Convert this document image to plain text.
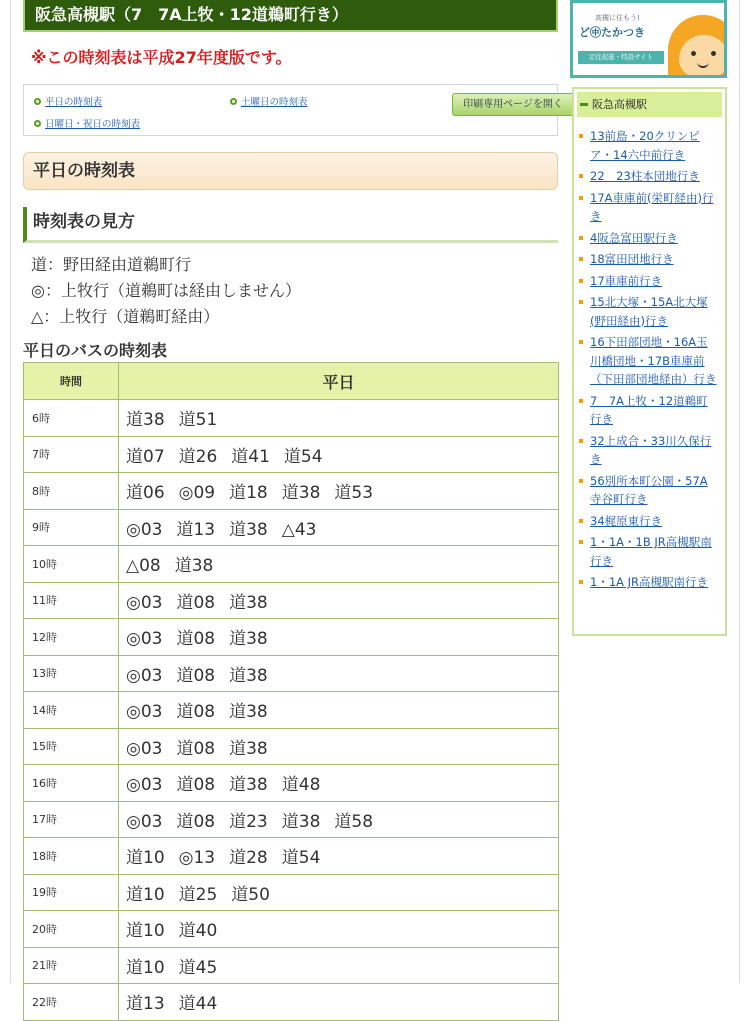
阪急高槻駅（7　7A上牧・12道鵜町行き）
※この時刻表は平成27年度版です。
平日の時刻表	土曜日の時刻表
日曜日・祝日の時刻表
印刷専用ページを開く
平日の時刻表
時刻表の見方
道：野田経由道鵜町行
◎：上牧行（道鵜町は経由しません）
△：上牧行（道鵜町経由）
平日のバスの時刻表
時間	平日
6時	道38 道51
7時	道07 道26 道41 道54
8時	道06 ◎09 道18 道38 道53
9時	◎03 道13 道38 △43
10時	△08 道38
11時	◎03 道08 道38
12時	◎03 道08 道38
13時	◎03 道08 道38
14時	◎03 道08 道38
15時	◎03 道08 道38
16時	◎03 道08 道38 道48
17時	◎03 道08 道23 道38 道58
18時	道10 ◎13 道28 道54
19時	道10 道25 道50
20時	道10 道40
21時	道10 道45
22時	道13 道44
高槻に住もう!
ど㊥たかつき
定住促進・特設サイト
阪急高槻駅
13前島・20クリンピア・14六中前行き
22　23柱本団地行き
17A車庫前(栄町経由)行き
4阪急富田駅行き
18富田団地行き
17車庫前行き
15北大塚・15A北大塚(野田経由)行き
16下田部団地・16A玉川橋団地・17B車庫前（下田部団地経由）行き
7　7A上牧・12道鵜町行き
32上成合・33川久保行き
56別所本町公園・57A寺谷町行き
34梶原東行き
1・1A・1B JR高槻駅南行き
1・1A JR高槻駅南行き
